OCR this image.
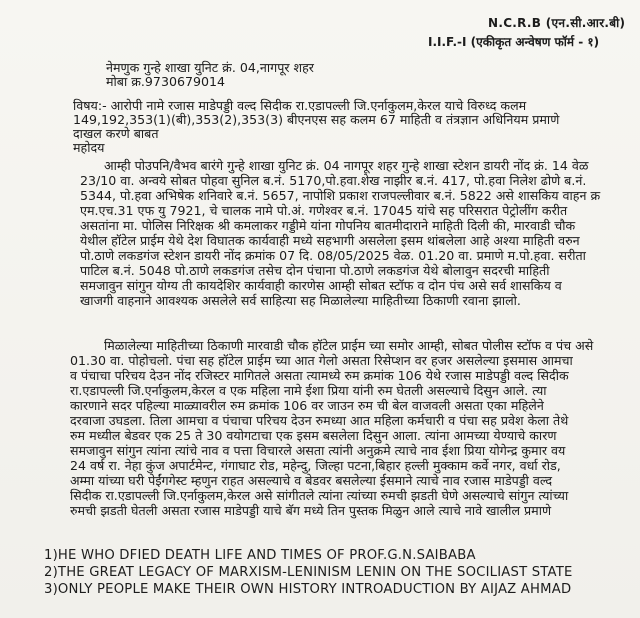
N.C.R.B (एन.सी.आर.बी)
I.I.F.-I (एकीकृत अन्वेषण फॉर्म - १)
नेमणुक गुन्हे शाखा युनिट क्रं. 04,नागपूर शहर
मोबा क्र.9730679014
विषय:- आरोपी नामे रजास माडेपड्डी वल्द सिदीक रा.एडापल्ली जि.एर्नाकुलम,केरल याचे विरुध्द कलम
149,192,353(1)(बी),353(2),353(3) बीएनएस सह कलम 67 माहिती व तंत्रज्ञान अधिनियम प्रमाणे
दाखल करणे बाबत
महोदय
आम्ही पोउपनि/वैभव बारंगे गुन्हे शाखा युनिट क्रं. 04 नागपूर शहर गुन्हे शाखा स्टेशन डायरी नोंद क्रं. 14 वेळ
23/10 वा. अन्वये सोबत पोहवा सुनिल ब.नं. 5170,पो.हवा.शेख नाझीर ब.नं. 417, पो.हवा निलेश ढोणे ब.नं.
5344, पो.हवा अभिषेक शनिवारे ब.नं. 5657, नापोशि प्रकाश राजपल्लीवार ब.नं. 5822 असे शासकिय वाहन क्र
एम.एच.31 एफ यु 7921, चे चालक नामे पो.अं. गणेश्वर ब.नं. 17045 यांचे सह परिसरात पेट्रोलींग करीत
असतांना मा. पोलिस निरिक्षक श्री कमलाकर गड्डीमे यांना गोपनिय बातमीदाराने माहिती दिली की, मारवाडी चौक
येथील हॉटेल प्राईम येथे देश विघातक कार्यवाही मध्ये सहभागी असलेला इसम थांबलेला आहे अश्या माहिती वरुन
पो.ठाणे लकडगंज स्टेशन डायरी नोंद क्रमांक 07 दि. 08/05/2025 वेळ. 01.20 वा. प्रमाणे म.पो.हवा. सरीता
पाटिल ब.नं. 5048 पो.ठाणे लकडगंज तसेच दोन पंचाना पो.ठाणे लकडगंज येथे बोलावुन सदरची माहिती
समजावुन सांगुन योग्य ती कायदेशिर कार्यवाही कारणेस आम्ही सोबत स्टॉफ व दोन पंच असे सर्व शासकिय व
खाजगी वाहनाने आवश्यक असलेले सर्व साहित्या सह मिळालेल्या माहितीच्या ठिकाणी रवाना झालो.
मिळालेल्या माहितीच्या ठिकाणी मारवाडी चौक हॉटेल प्राईम च्या समोर आम्ही, सोबत पोलीस स्टॉफ व पंच असे
01.30 वा. पोहोचलो. पंचा सह हॉटेल प्राईम च्या आत गेलो असता रिसेप्शन वर हजर असलेल्या इसमास आमचा
व पंचाचा परिचय देउन नोंद रजिस्टर मागितले असता त्यामध्ये रुम क्रमांक 106 येथे रजास माडेपड्डी वल्द सिदीक
रा.एडापल्ली जि.एर्नाकुलम,केरल व एक महिला नामे ईशा प्रिया यांनी रुम घेतली असल्याचे दिसुन आले. त्या
कारणाने सदर पहिल्या माळ्यावरील रुम क्रमांक 106 वर जाउन रुम ची बेल वाजवली असता एका महिलेने
दरवाजा उघडला. तिला आमचा व पंचाचा परिचय देउन रुमध्या आत महिला कर्मचारी व पंचा सह प्रवेश केला तेथे
रुम मध्यील बेडवर एक 25 ते 30 वयोगटाचा एक इसम बसलेला दिसुन आला. त्यांना आमच्या येण्याचे कारण
समजावुन सांगुन त्यांना त्यांचे नाव व पत्ता विचारले असता त्यांनी अनुक्रमे त्याचे नाव ईशा प्रिया योगेन्द्र कुमार वय
24 वर्ष रा. नेहा कुंज अपार्टमेन्ट, गंगाघाट रोड, महेन्दु, जिल्हा पटना,बिहार हल्ली मुक्काम कर्वे नगर, वर्धा रोड,
अम्मा यांच्या घरी पेईंगगेस्ट म्हणुन राहत असल्याचे व बेडवर बसलेल्या ईसमाने त्याचे नाव रजास माडेपड्डी वल्द
सिदीक रा.एडापल्ली जि.एर्नाकुलम,केरल असे सांगीतले त्यांना त्यांच्या रुमची झडती घेणे असल्याचे सांगुन त्यांच्या
रुमची झडती घेतली असता रजास माडेपड्डी याचे बॅग मध्ये तिन पुस्तक मिळुन आले त्याचे नावे खालील प्रमाणे
1)HE WHO DFIED DEATH LIFE AND TIMES OF PROF.G.N.SAIBABA
2)THE GREAT LEGACY OF MARXISM-LENINISM LENIN ON THE SOCILIAST STATE
3)ONLY PEOPLE MAKE THEIR OWN HISTORY INTROADUCTION BY AIJAZ AHMAD
